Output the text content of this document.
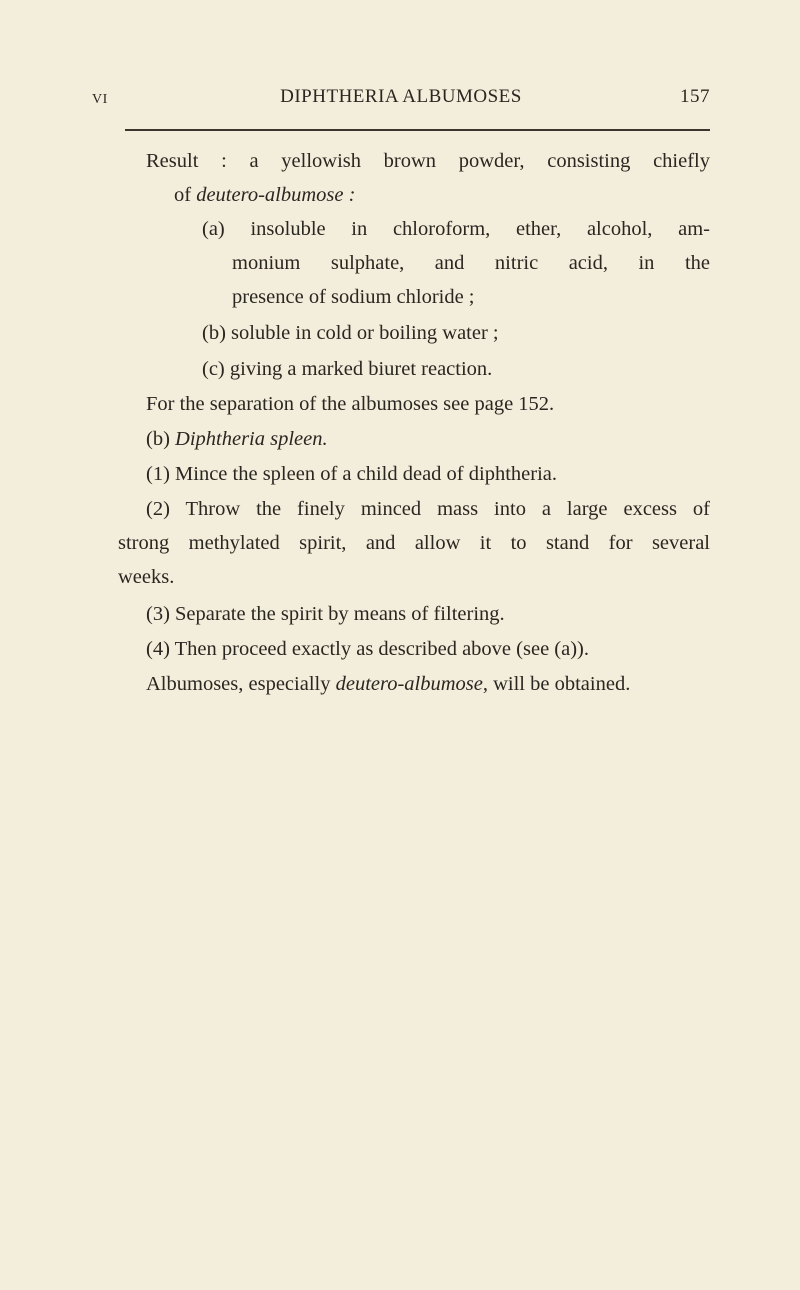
VI	DIPHTHERIA ALBUMOSES	157
Result : a yellowish brown powder, consisting chiefly
of deutero-albumose :
(a) insoluble in chloroform, ether, alcohol, am-
monium sulphate, and nitric acid, in the
presence of sodium chloride ;
(b) soluble in cold or boiling water ;
(c) giving a marked biuret reaction.
For the separation of the albumoses see page 152.
(b) Diphtheria spleen.
(1) Mince the spleen of a child dead of diphtheria.
(2) Throw the finely minced mass into a large excess of
strong methylated spirit, and allow it to stand for several
weeks.
(3) Separate the spirit by means of filtering.
(4) Then proceed exactly as described above (see (a)).
Albumoses, especially deutero-albumose, will be obtained.
